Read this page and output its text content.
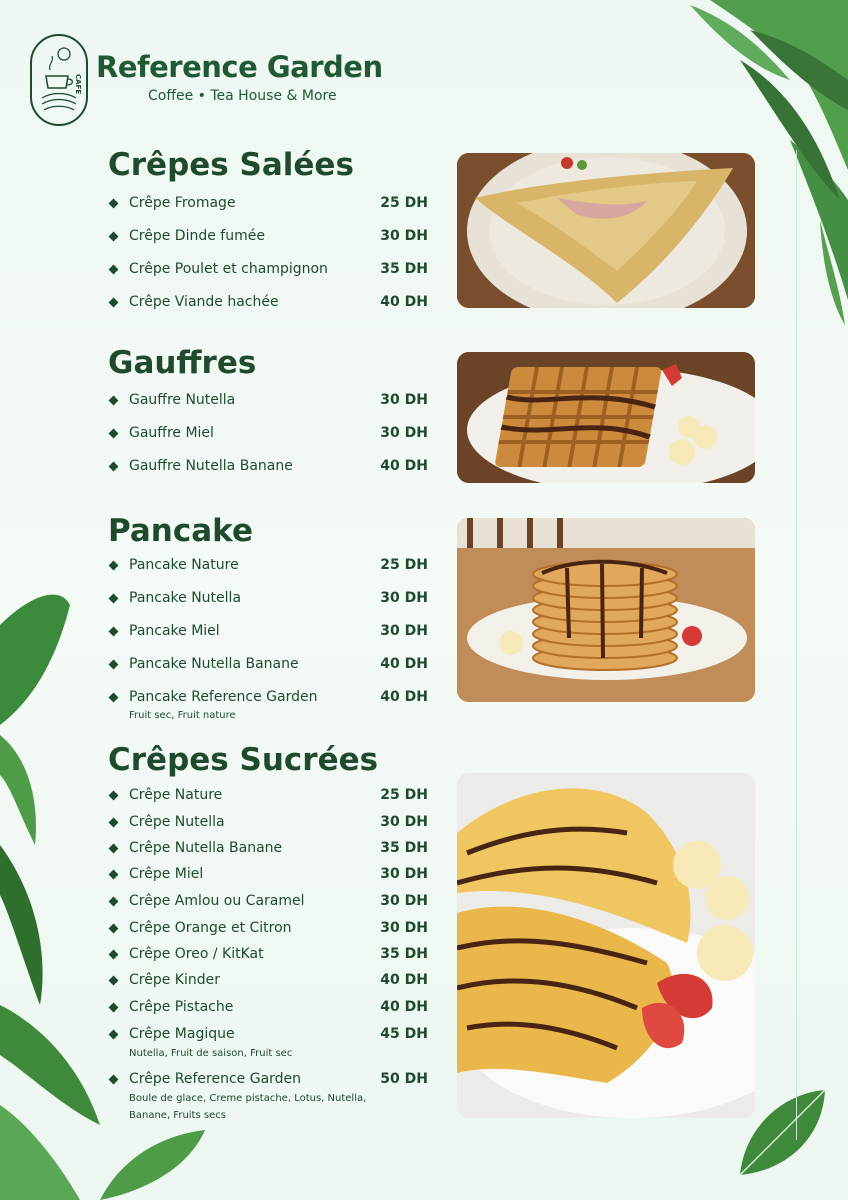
CAFE
Reference Garden
Coffee • Tea House & More
Crêpes Salées
Crêpe Fromage	25 DH
Crêpe Dinde fumée	30 DH
Crêpe Poulet et champignon	35 DH
Crêpe Viande hachée	40 DH
Gauffres
Gauffre Nutella	30 DH
Gauffre Miel	30 DH
Gauffre Nutella Banane	40 DH
Pancake
Pancake Nature	25 DH
Pancake Nutella	30 DH
Pancake Miel	30 DH
Pancake Nutella Banane	40 DH
Pancake Reference Garden	40 DH
Fruit sec, Fruit nature
Crêpes Sucrées
Crêpe Nature	25 DH
Crêpe Nutella	30 DH
Crêpe Nutella Banane	35 DH
Crêpe Miel	30 DH
Crêpe Amlou ou Caramel	30 DH
Crêpe Orange et Citron	30 DH
Crêpe Oreo / KitKat	35 DH
Crêpe Kinder	40 DH
Crêpe Pistache	40 DH
Crêpe Magique	45 DH
Nutella, Fruit de saison, Fruit sec
Crêpe Reference Garden	50 DH
Boule de glace, Creme pistache, Lotus, Nutella,
Banane, Fruits secs
